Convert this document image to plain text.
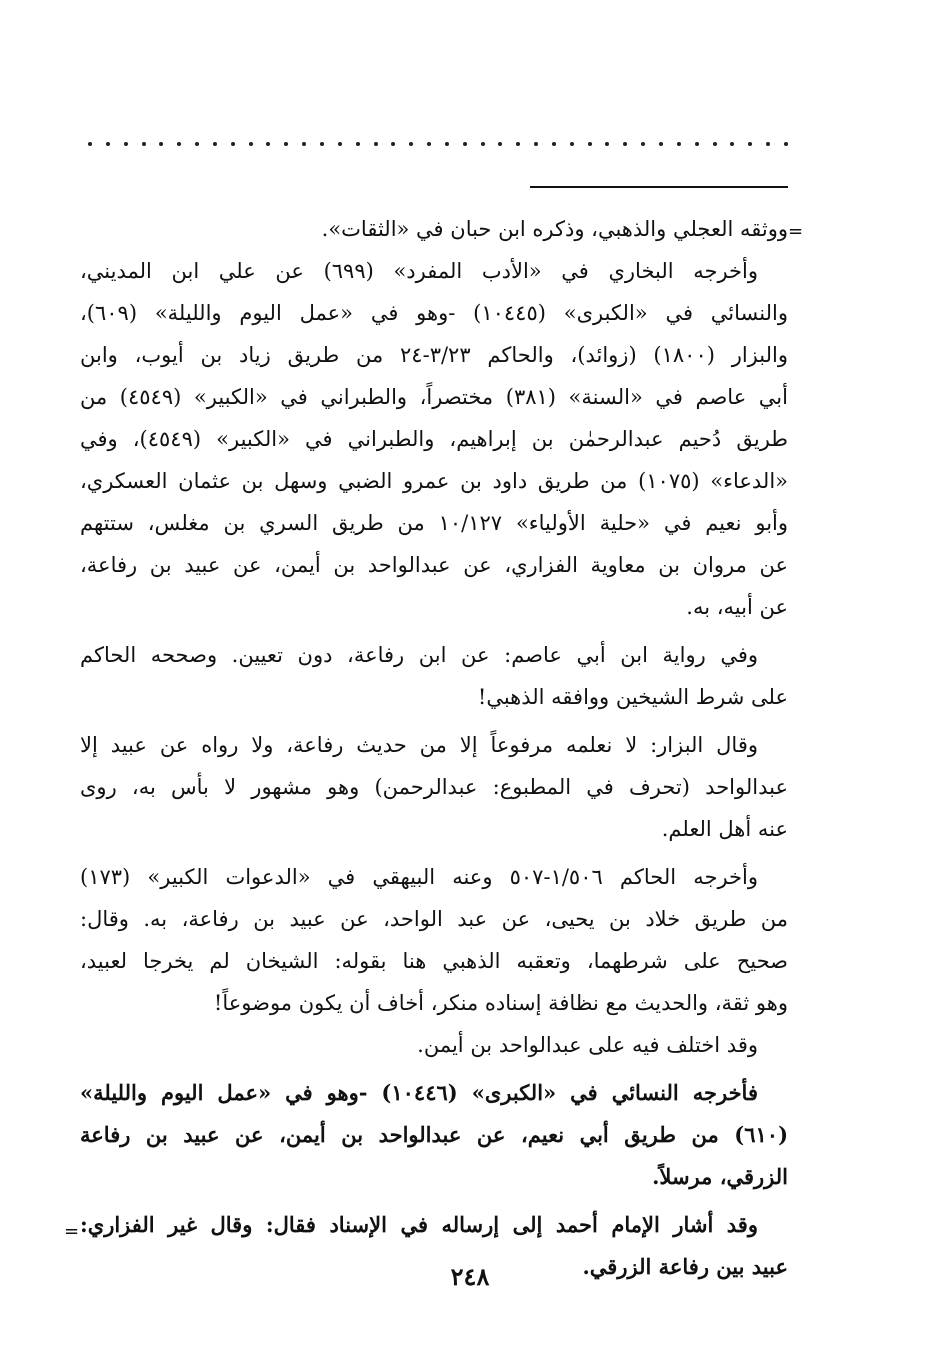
=
ووثقه العجلي والذهبي، وذكره ابن حبان في «الثقات».
وأخرجه البخاري في «الأدب المفرد» (٦٩٩) عن علي ابن المديني،
والنسائي في «الكبرى» (١٠٤٤٥) -وهو في «عمل اليوم والليلة» (٦٠٩)،
والبزار (١٨٠٠) (زوائد)، والحاكم ٣/٢٣-٢٤ من طريق زياد بن أيوب، وابن
أبي عاصم في «السنة» (٣٨١) مختصراً، والطبراني في «الكبير» (٤٥٤٩) من
طريق دُحيم عبدالرحمٰن بن إبراهيم، والطبراني في «الكبير» (٤٥٤٩)، وفي
«الدعاء» (١٠٧٥) من طريق داود بن عمرو الضبي وسهل بن عثمان العسكري،
وأبو نعيم في «حلية الأولياء» ١٠/١٢٧ من طريق السري بن مغلس، ستتهم
عن مروان بن معاوية الفزاري، عن عبدالواحد بن أيمن، عن عبيد بن رفاعة،
عن أبيه، به.
وفي رواية ابن أبي عاصم: عن ابن رفاعة، دون تعيين. وصححه الحاكم
على شرط الشيخين ووافقه الذهبي!
وقال البزار: لا نعلمه مرفوعاً إلا من حديث رفاعة، ولا رواه عن عبيد إلا
عبدالواحد (تحرف في المطبوع: عبدالرحمن) وهو مشهور لا بأس به، روى
عنه أهل العلم.
وأخرجه الحاكم ١/٥٠٦-٥٠٧ وعنه البيهقي في «الدعوات الكبير» (١٧٣)
من طريق خلاد بن يحيى، عن عبد الواحد، عن عبيد بن رفاعة، به. وقال:
صحيح على شرطهما، وتعقبه الذهبي هنا بقوله: الشيخان لم يخرجا لعبيد،
وهو ثقة، والحديث مع نظافة إسناده منكر، أخاف أن يكون موضوعاً!
وقد اختلف فيه على عبدالواحد بن أيمن.
فأخرجه النسائي في «الكبرى» (١٠٤٤٦) -وهو في «عمل اليوم والليلة»
(٦١٠) من طريق أبي نعيم، عن عبدالواحد بن أيمن، عن عبيد بن رفاعة
الزرقي، مرسلاً.
وقد أشار الإمام أحمد إلى إرساله في الإسناد فقال: وقال غير الفزاري:
عبيد بين رفاعة الزرقي.
=
٢٤٨
